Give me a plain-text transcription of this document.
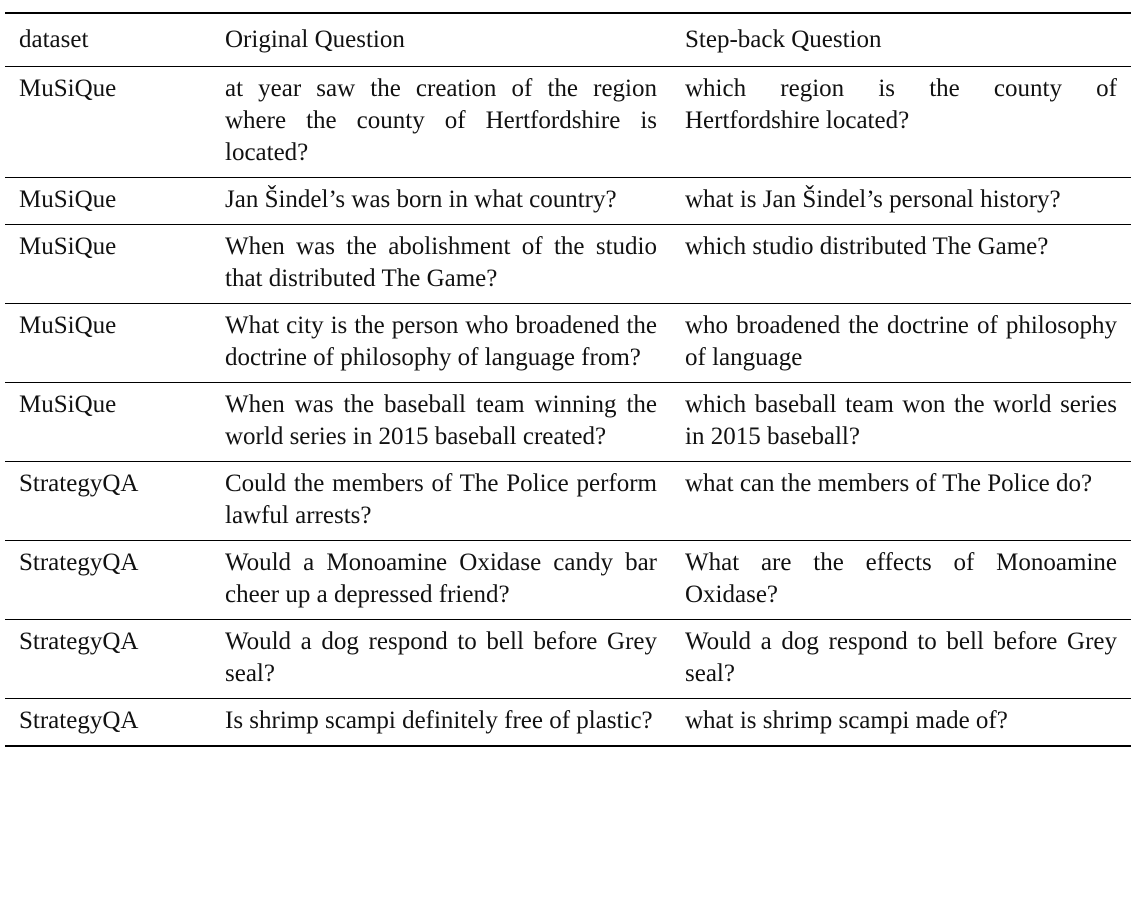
dataset	Original Question	Step-back Question
MuSiQue	at year saw the creation of the region where the county of Hertfordshire is located?	which region is the county of Hertfordshire located?
MuSiQue	Jan Šindel’s was born in what country?	what is Jan Šindel’s personal history?
MuSiQue	When was the abolishment of the studio that distributed The Game?	which studio distributed The Game?
MuSiQue	What city is the person who broadened the doctrine of philosophy of language from?	who broadened the doctrine of philosophy of language
MuSiQue	When was the baseball team winning the world series in 2015 baseball created?	which baseball team won the world series in 2015 baseball?
StrategyQA	Could the members of The Police perform lawful arrests?	what can the members of The Police do?
StrategyQA	Would a Monoamine Oxidase candy bar cheer up a depressed friend?	What are the effects of Monoamine Oxidase?
StrategyQA	Would a dog respond to bell before Grey seal?	Would a dog respond to bell before Grey seal?
StrategyQA	Is shrimp scampi definitely free of plastic?	what is shrimp scampi made of?
